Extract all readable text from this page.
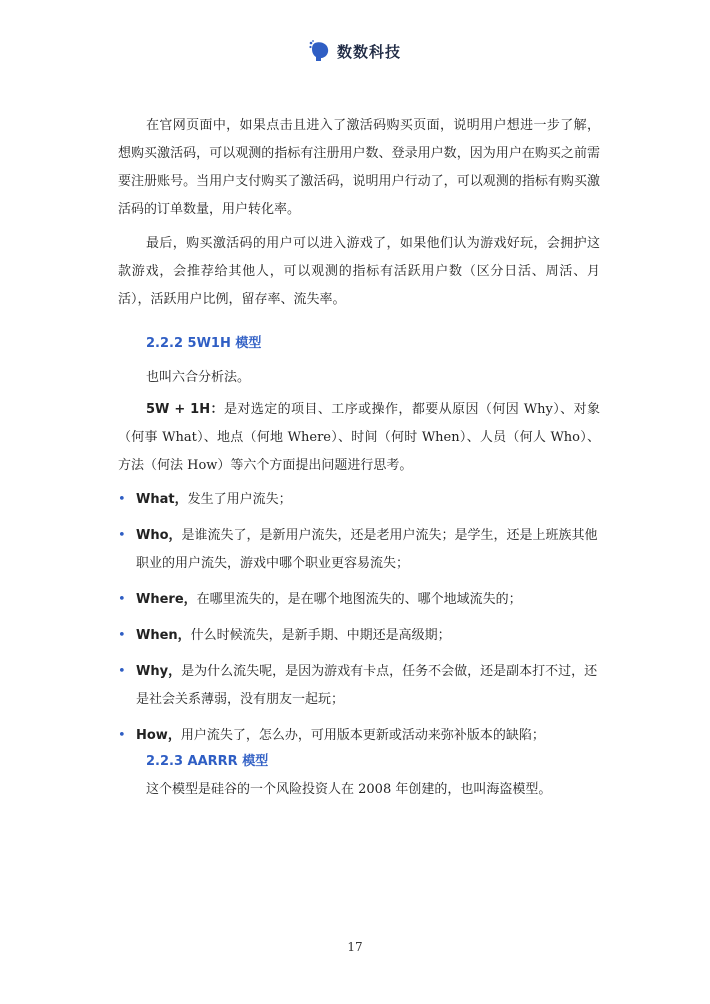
数数科技

在官网页面中，如果点击且进入了激活码购买页面，说明用户想进一步了解，想购买激活码，可以观测的指标有注册用户数、登录用户数，因为用户在购买之前需要注册账号。当用户支付购买了激活码，说明用户行动了，可以观测的指标有购买激活码的订单数量，用户转化率。

最后，购买激活码的用户可以进入游戏了，如果他们认为游戏好玩，会拥护这款游戏，会推荐给其他人，可以观测的指标有活跃用户数（区分日活、周活、月活），活跃用户比例，留存率、流失率。

2.2.2 5W1H 模型

也叫六合分析法。

5W + 1H：是对选定的项目、工序或操作，都要从原因（何因 Why）、对象（何事 What）、地点（何地 Where）、时间（何时 When）、人员（何人 Who）、方法（何法 How）等六个方面提出问题进行思考。

• What，发生了用户流失；
• Who，是谁流失了，是新用户流失，还是老用户流失；是学生，还是上班族其他职业的用户流失，游戏中哪个职业更容易流失；
• Where，在哪里流失的，是在哪个地图流失的、哪个地域流失的；
• When，什么时候流失，是新手期、中期还是高级期；
• Why，是为什么流失呢，是因为游戏有卡点，任务不会做，还是副本打不过，还是社会关系薄弱，没有朋友一起玩；
• How，用户流失了，怎么办，可用版本更新或活动来弥补版本的缺陷；

2.2.3 AARRR 模型

这个模型是硅谷的一个风险投资人在 2008 年创建的，也叫海盗模型。

17
